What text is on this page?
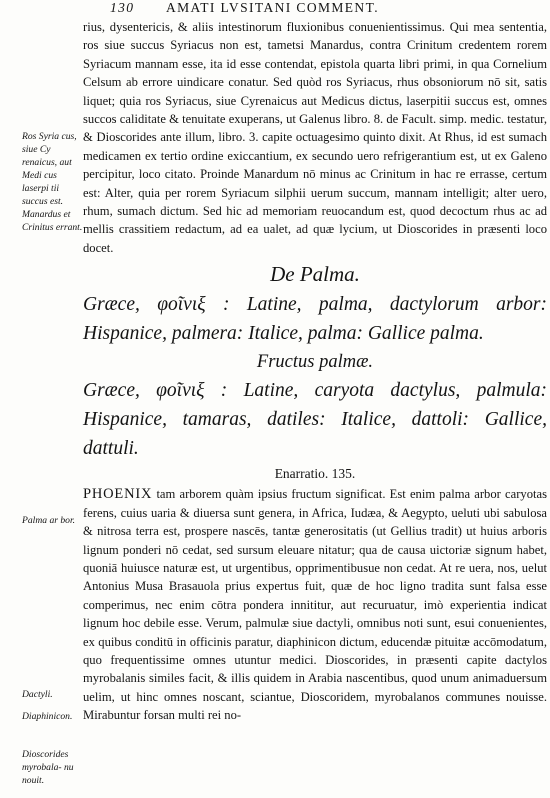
130 AMATI LVSITANI COMMENT.
Ros Syria cus, siue Cy renaicus, aut Medi cus laserpi tii succus est. Manardus et Crinitus errant.
Palma ar bor.
Dactyli.
Diaphinicon.
Dioscorides myrobala- nu nouit.

rius, dysentericis, & aliis intestinorum fluxionibus conuenientissimus. Qui mea sententia, ros siue succus Syriacus non est, tametsi Manardus, contra Crinitum credentem rorem Syriacum mannam esse, ita id esse contendat, epistola quarta libri primi, in qua Cornelium Celsum ab errore uindicare conatur. Sed quòd ros Syriacus, rhus obsoniorum nō sit, satis liquet; quia ros Syriacus, siue Cyrenaicus aut Medicus dictus, laserpitii succus est, omnes succos caliditate & tenuitate exuperans, ut Galenus libro. 8. de Facult. simp. medic. testatur, & Dioscorides ante illum, libro. 3. capite octuagesimo quinto dixit. At Rhus, id est sumach medicamen ex tertio ordine exiccantium, ex secundo uero refrigerantium est, ut ex Galeno percipitur, loco citato. Proinde Manardum nō minus ac Crinitum in hac re errasse, certum est: Alter, quia per rorem Syriacum silphii uerum succum, mannam intelligit; alter uero, rhum, sumach dictum. Sed hic ad memoriam reuocandum est, quod decoctum rhus ac ad mellis crassitiem redactum, ad ea ualet, ad quæ lycium, ut Dioscorides in præsenti loco docet.

De Palma.

Græce, φοῖνιξ : Latine, palma, dactylorum arbor: Hispanice, palmera: Italice, palma: Gallice palma.

Fructus palmæ.

Græce, φοῖνιξ : Latine, caryota dactylus, palmula: Hispanice, tamaras, datiles: Italice, dattoli: Gallice, dattuli.

Enarratio. 135.

PHOENIX tam arborem quàm ipsius fructum significat. Est enim palma arbor caryotas ferens, cuius uaria & diuersa sunt genera, in Africa, Iudæa, & Aegypto, ueluti ubi sabulosa & nitrosa terra est, prospere nascēs, tantæ generositatis (ut Gellius tradit) ut huius arboris lignum ponderi nō cedat, sed sursum eleuare nitatur; qua de causa uictoriæ signum habet, quoniā huiusce naturæ est, ut urgentibus, opprimentibusue non cedat. At re uera, nos, uelut Antonius Musa Brasauola prius expertus fuit, quæ de hoc ligno tradita sunt falsa esse comperimus, nec enim cōtra pondera innititur, aut recuruatur, imò experientia indicat lignum hoc debile esse. Verum, palmulæ siue dactyli, omnibus noti sunt, esui conuenientes, ex quibus conditū in officinis paratur, diaphinicon dictum, educendæ pituitæ accōmodatum, quo frequentissime omnes utuntur medici. Dioscorides, in præsenti capite dactylos myrobalanis similes facit, & illis quidem in Arabia nascentibus, quod unum animaduersum uelim, ut hinc omnes noscant, sciantue, Dioscoridem, myrobalanos communes nouisse. Mirabuntur forsan multi rei no-
